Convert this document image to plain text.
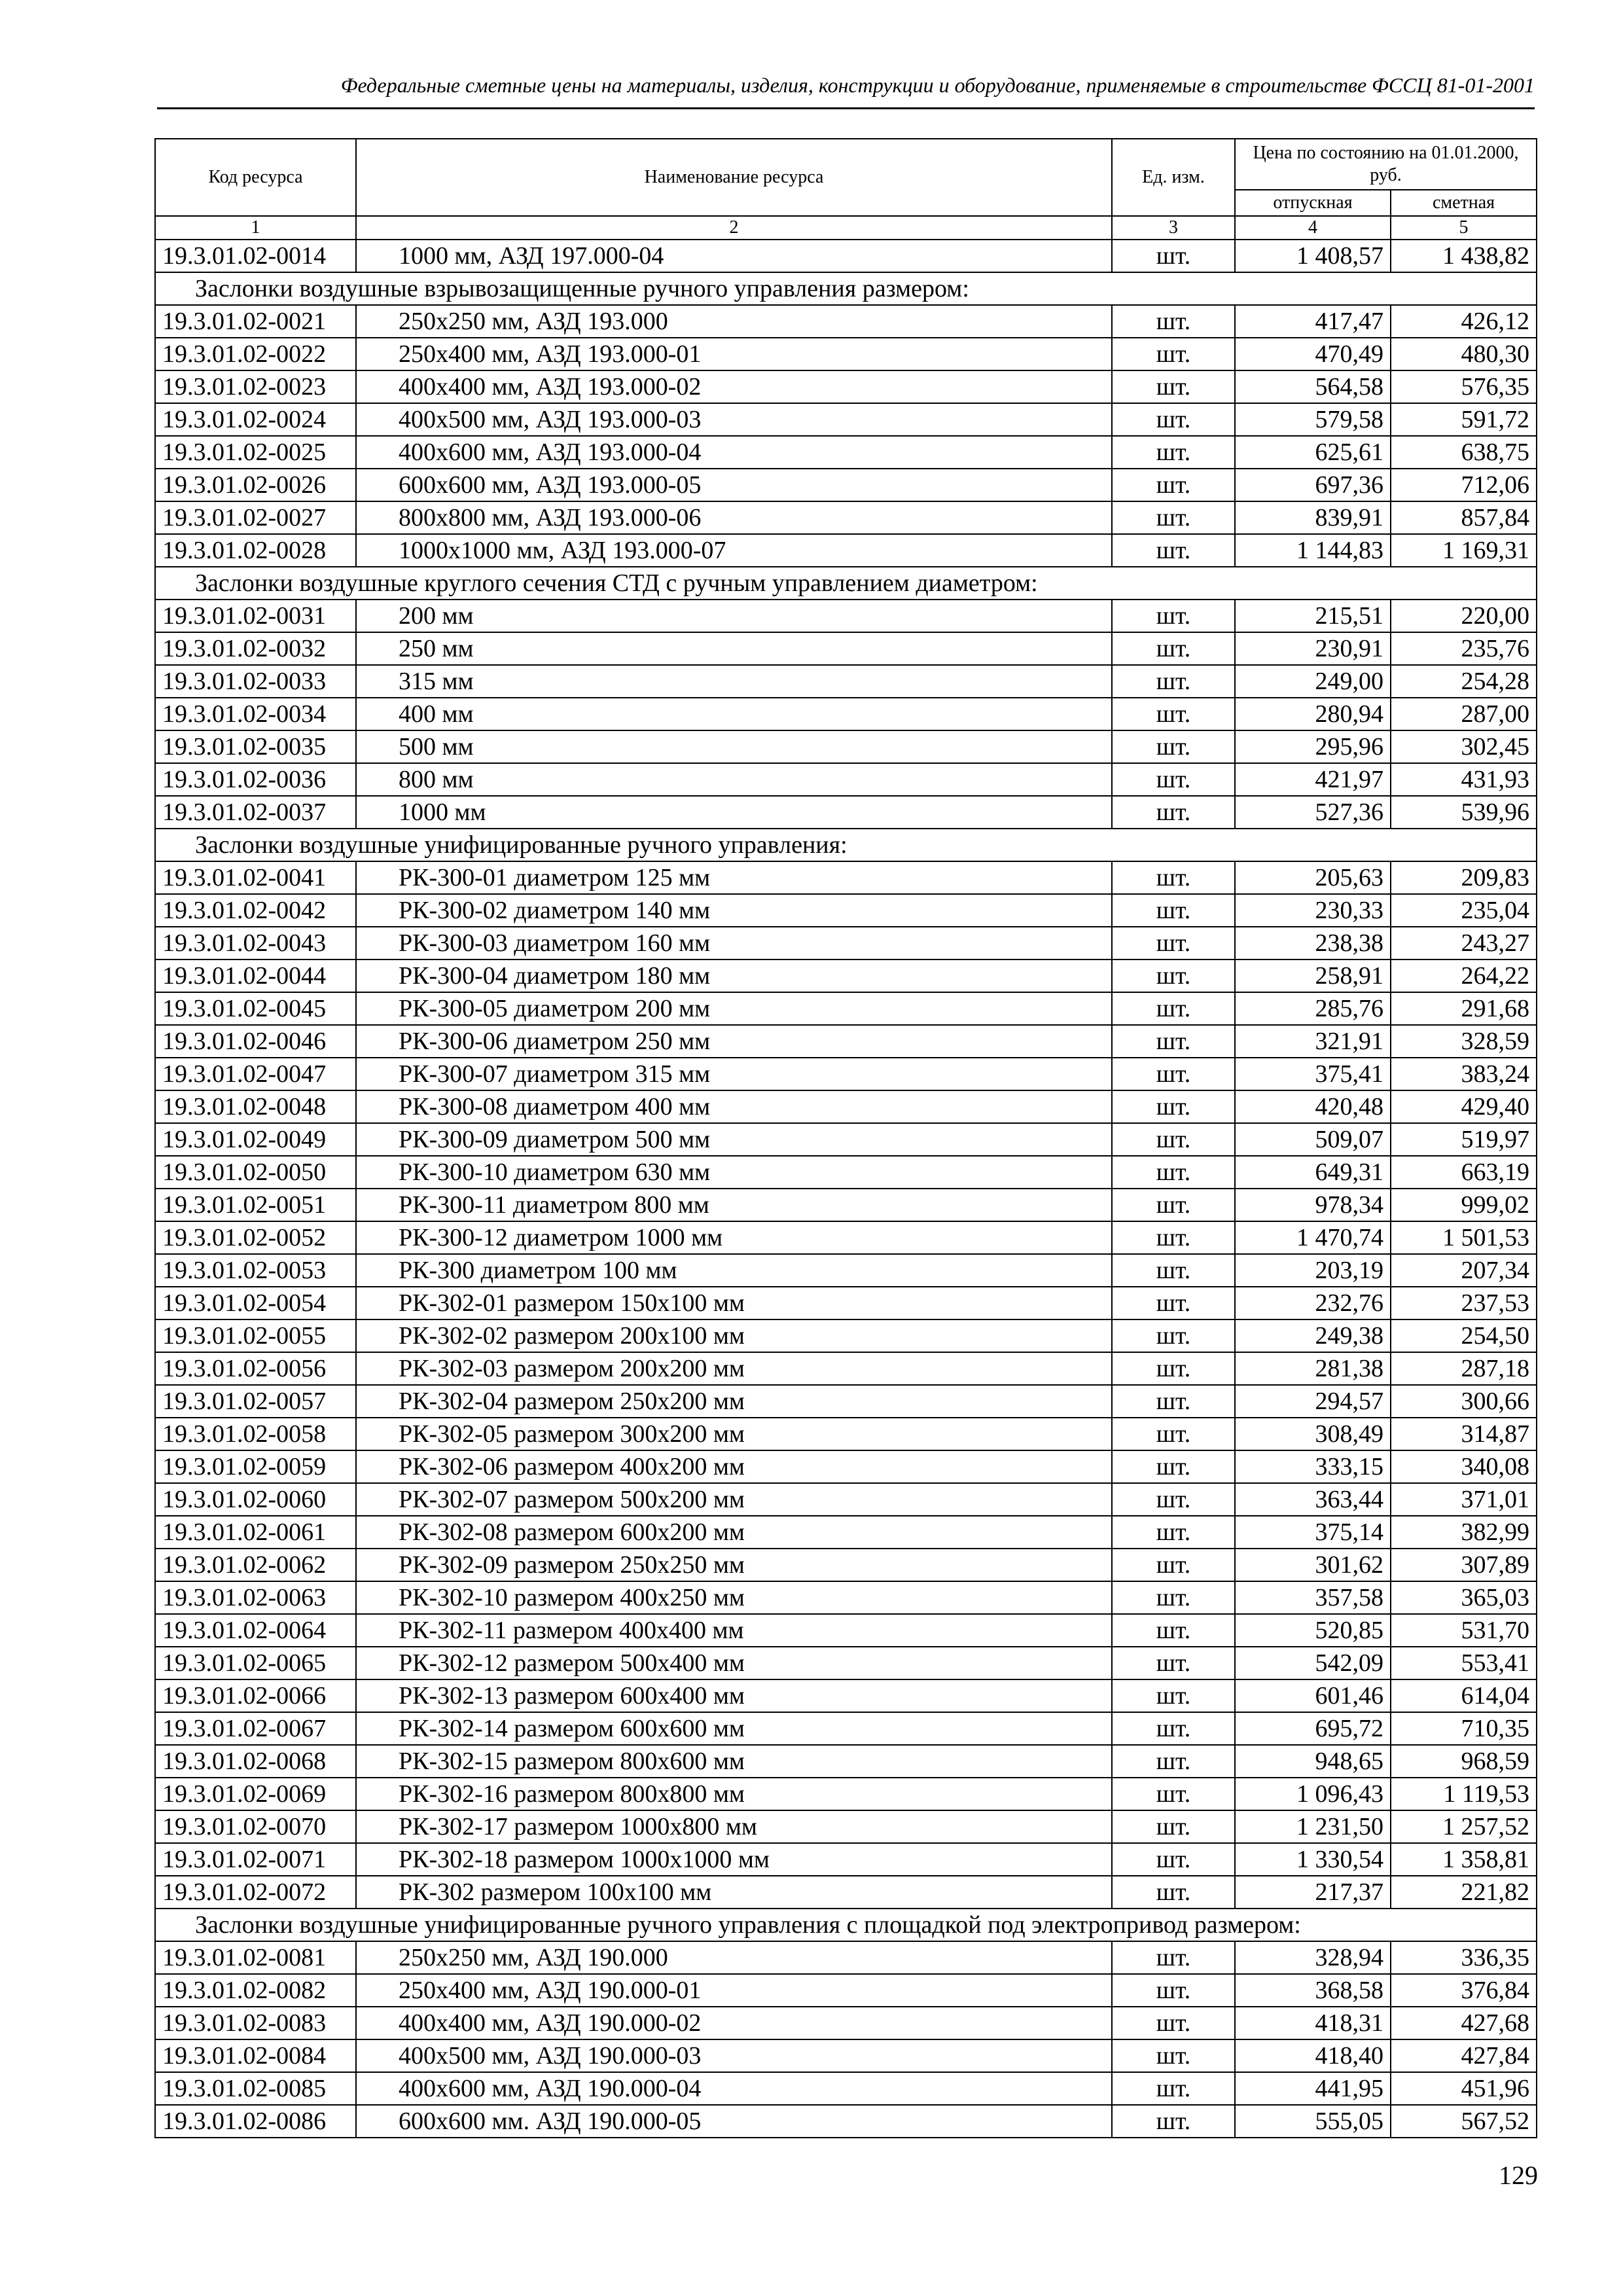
Федеральные сметные цены на материалы, изделия, конструкции и оборудование, применяемые в строительстве ФССЦ 81-01-2001
Код ресурса	Наименование ресурса	Ед. изм.	Цена по состоянию на 01.01.2000, руб.	
			отпускная	сметная
1	2	3	4	5
19.3.01.02-0014	1000 мм, АЗД 197.000-04	шт.	1 408,57	1 438,82
Заслонки воздушные взрывозащищенные ручного управления размером:				
19.3.01.02-0021	250х250 мм, АЗД 193.000	шт.	417,47	426,12
19.3.01.02-0022	250х400 мм, АЗД 193.000-01	шт.	470,49	480,30
19.3.01.02-0023	400х400 мм, АЗД 193.000-02	шт.	564,58	576,35
19.3.01.02-0024	400х500 мм, АЗД 193.000-03	шт.	579,58	591,72
19.3.01.02-0025	400х600 мм, АЗД 193.000-04	шт.	625,61	638,75
19.3.01.02-0026	600х600 мм, АЗД 193.000-05	шт.	697,36	712,06
19.3.01.02-0027	800х800 мм, АЗД 193.000-06	шт.	839,91	857,84
19.3.01.02-0028	1000х1000 мм, АЗД 193.000-07	шт.	1 144,83	1 169,31
Заслонки воздушные круглого сечения СТД с ручным управлением диаметром:				
19.3.01.02-0031	200 мм	шт.	215,51	220,00
19.3.01.02-0032	250 мм	шт.	230,91	235,76
19.3.01.02-0033	315 мм	шт.	249,00	254,28
19.3.01.02-0034	400 мм	шт.	280,94	287,00
19.3.01.02-0035	500 мм	шт.	295,96	302,45
19.3.01.02-0036	800 мм	шт.	421,97	431,93
19.3.01.02-0037	1000 мм	шт.	527,36	539,96
Заслонки воздушные унифицированные ручного управления:				
19.3.01.02-0041	РК-300-01 диаметром 125 мм	шт.	205,63	209,83
19.3.01.02-0042	РК-300-02 диаметром 140 мм	шт.	230,33	235,04
19.3.01.02-0043	РК-300-03 диаметром 160 мм	шт.	238,38	243,27
19.3.01.02-0044	РК-300-04 диаметром 180 мм	шт.	258,91	264,22
19.3.01.02-0045	РК-300-05 диаметром 200 мм	шт.	285,76	291,68
19.3.01.02-0046	РК-300-06 диаметром 250 мм	шт.	321,91	328,59
19.3.01.02-0047	РК-300-07 диаметром 315 мм	шт.	375,41	383,24
19.3.01.02-0048	РК-300-08 диаметром 400 мм	шт.	420,48	429,40
19.3.01.02-0049	РК-300-09 диаметром 500 мм	шт.	509,07	519,97
19.3.01.02-0050	РК-300-10 диаметром 630 мм	шт.	649,31	663,19
19.3.01.02-0051	РК-300-11 диаметром 800 мм	шт.	978,34	999,02
19.3.01.02-0052	РК-300-12 диаметром 1000 мм	шт.	1 470,74	1 501,53
19.3.01.02-0053	РК-300 диаметром 100 мм	шт.	203,19	207,34
19.3.01.02-0054	РК-302-01 размером 150х100 мм	шт.	232,76	237,53
19.3.01.02-0055	РК-302-02 размером 200х100 мм	шт.	249,38	254,50
19.3.01.02-0056	РК-302-03 размером 200х200 мм	шт.	281,38	287,18
19.3.01.02-0057	РК-302-04 размером 250х200 мм	шт.	294,57	300,66
19.3.01.02-0058	РК-302-05 размером 300х200 мм	шт.	308,49	314,87
19.3.01.02-0059	РК-302-06 размером 400х200 мм	шт.	333,15	340,08
19.3.01.02-0060	РК-302-07 размером 500х200 мм	шт.	363,44	371,01
19.3.01.02-0061	РК-302-08 размером 600х200 мм	шт.	375,14	382,99
19.3.01.02-0062	РК-302-09 размером 250х250 мм	шт.	301,62	307,89
19.3.01.02-0063	РК-302-10 размером 400х250 мм	шт.	357,58	365,03
19.3.01.02-0064	РК-302-11 размером 400х400 мм	шт.	520,85	531,70
19.3.01.02-0065	РК-302-12 размером 500х400 мм	шт.	542,09	553,41
19.3.01.02-0066	РК-302-13 размером 600х400 мм	шт.	601,46	614,04
19.3.01.02-0067	РК-302-14 размером 600х600 мм	шт.	695,72	710,35
19.3.01.02-0068	РК-302-15 размером 800х600 мм	шт.	948,65	968,59
19.3.01.02-0069	РК-302-16 размером 800х800 мм	шт.	1 096,43	1 119,53
19.3.01.02-0070	РК-302-17 размером 1000х800 мм	шт.	1 231,50	1 257,52
19.3.01.02-0071	РК-302-18 размером 1000х1000 мм	шт.	1 330,54	1 358,81
19.3.01.02-0072	РК-302 размером 100х100 мм	шт.	217,37	221,82
Заслонки воздушные унифицированные ручного управления с площадкой под электропривод размером:				
19.3.01.02-0081	250х250 мм, АЗД 190.000	шт.	328,94	336,35
19.3.01.02-0082	250х400 мм, АЗД 190.000-01	шт.	368,58	376,84
19.3.01.02-0083	400х400 мм, АЗД 190.000-02	шт.	418,31	427,68
19.3.01.02-0084	400х500 мм, АЗД 190.000-03	шт.	418,40	427,84
19.3.01.02-0085	400х600 мм, АЗД 190.000-04	шт.	441,95	451,96
19.3.01.02-0086	600х600 мм. АЗД 190.000-05	шт.	555,05	567,52
129
